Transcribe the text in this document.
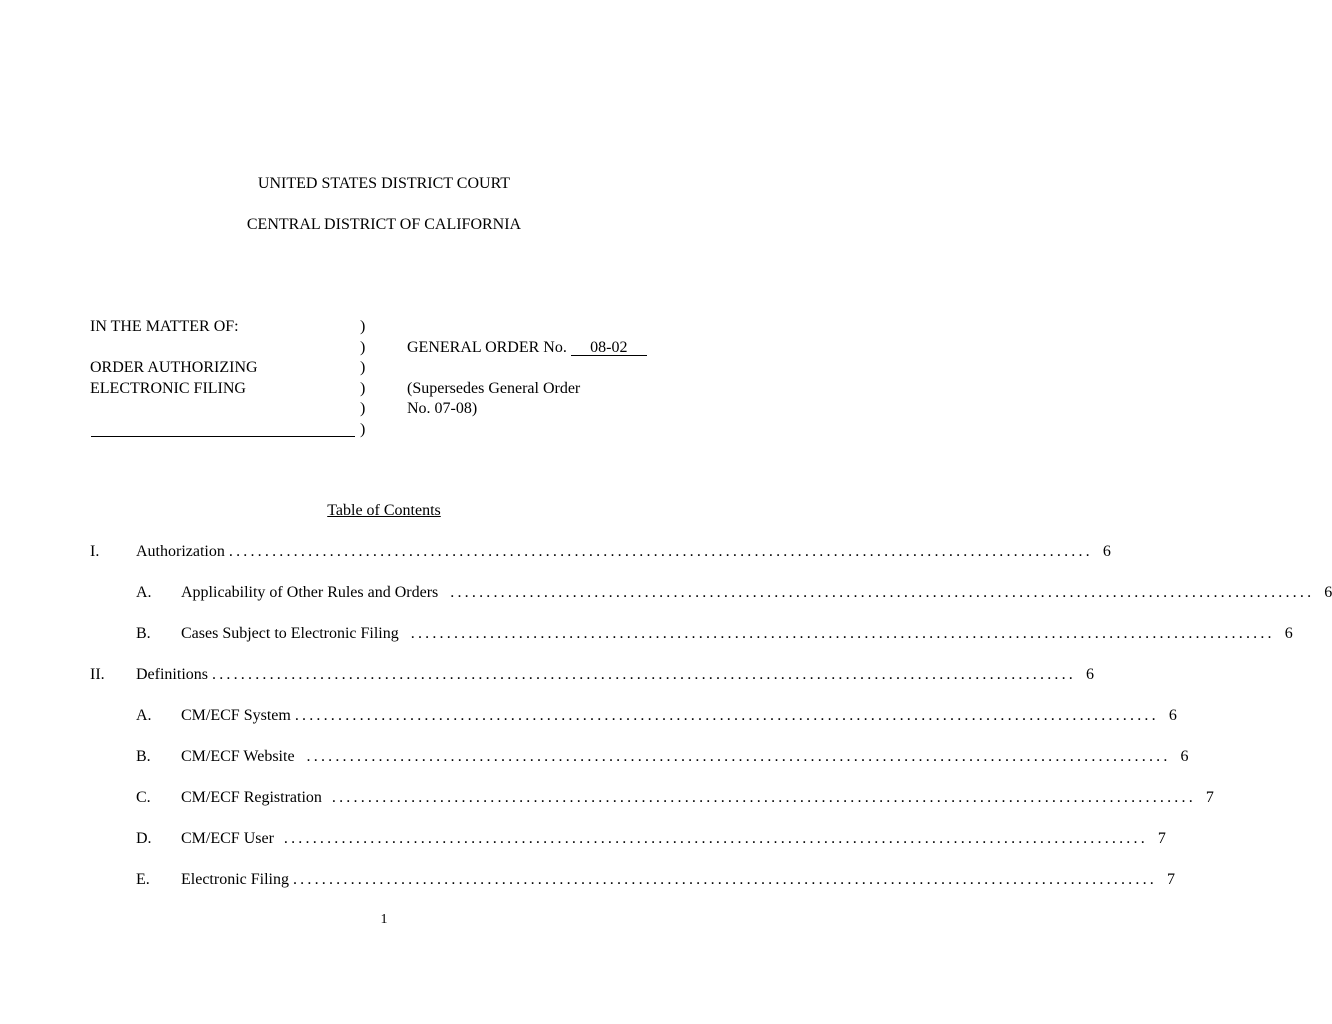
UNITED STATES DISTRICT COURT
CENTRAL DISTRICT OF CALIFORNIA
IN THE MATTER OF:
ORDER AUTHORIZING
ELECTRONIC FILING
)
)
)
)
)
)
GENERAL ORDER No. 08-02
(Supersedes General Order
No. 07-08)
Table of Contents
I. Authorization ........................................................................................................................ 6
A. Applicability of Other Rules and Orders ........................................................................................................................ 6
B. Cases Subject to Electronic Filing ........................................................................................................................ 6
II. Definitions ........................................................................................................................ 6
A. CM/ECF System ........................................................................................................................ 6
B. CM/ECF Website ........................................................................................................................ 6
C. CM/ECF Registration ........................................................................................................................ 7
D. CM/ECF User ........................................................................................................................ 7
E. Electronic Filing ........................................................................................................................ 7
1
